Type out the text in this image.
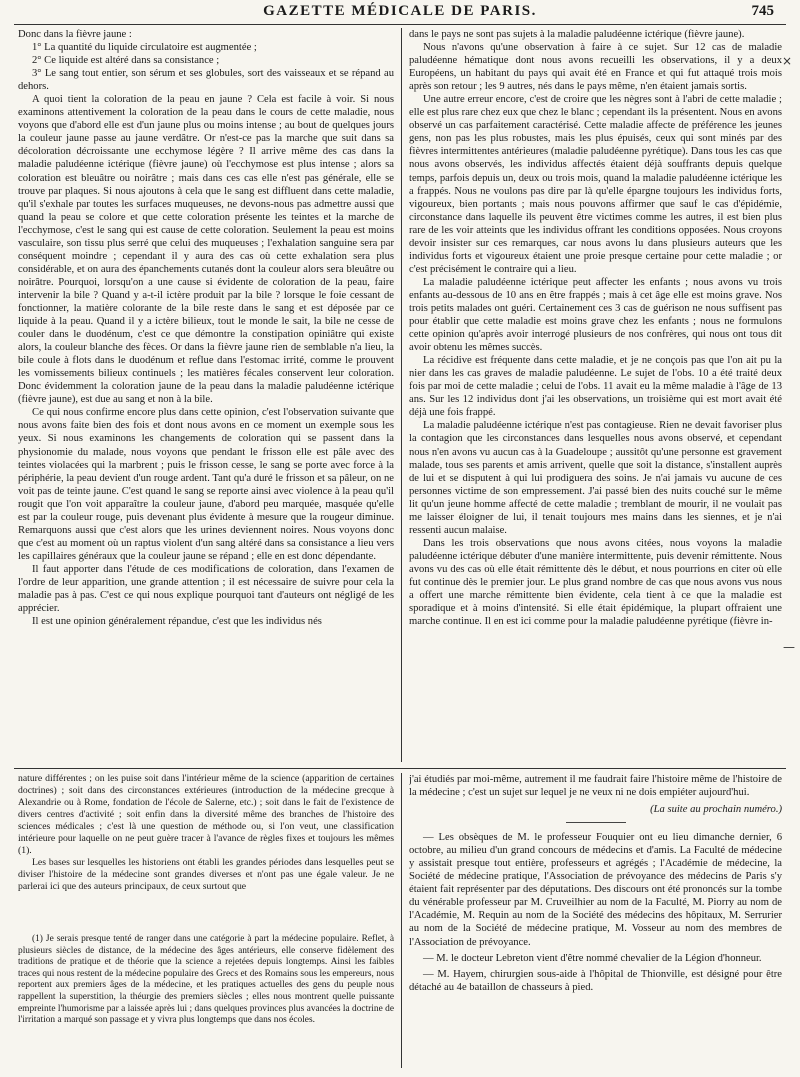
GAZETTE MÉDICALE DE PARIS.	745

Donc dans la fièvre jaune :

1° La quantité du liquide circulatoire est augmentée ;

2° Ce liquide est altéré dans sa consistance ;

3° Le sang tout entier, son sérum et ses globules, sort des vaisseaux et se répand au dehors.

A quoi tient la coloration de la peau en jaune ? Cela est facile à voir. Si nous examinons attentivement la coloration de la peau dans le cours de cette maladie, nous voyons que d'abord elle est d'un jaune plus ou moins intense ; au bout de quelques jours la couleur jaune passe au jaune verdâtre. Or n'est-ce pas la marche que suit dans sa décoloration décroissante une ecchymose légère ? Il arrive même des cas dans la maladie paludéenne ictérique (fièvre jaune) où l'ecchymose est plus intense ; alors sa coloration est bleuâtre ou noirâtre ; mais dans ces cas elle n'est pas générale, elle se trouve par plaques. Si nous ajoutons à cela que le sang est diffluent dans cette maladie, qu'il s'exhale par toutes les surfaces muqueuses, ne devons-nous pas admettre aussi que quand la peau se colore et que cette coloration présente les teintes et la marche de l'ecchymose, c'est le sang qui est cause de cette coloration. Seulement la peau est moins vasculaire, son tissu plus serré que celui des muqueuses ; l'exhalation sanguine sera par conséquent moindre ; cependant il y aura des cas où cette exhalation sera plus considérable, et on aura des épanchements cutanés dont la couleur alors sera bleuâtre ou noirâtre. Pourquoi, lorsqu'on a une cause si évidente de coloration de la peau, faire intervenir la bile ? Quand y a-t-il ictère produit par la bile ? lorsque le foie cessant de fonctionner, la matière colorante de la bile reste dans le sang et est déposée par ce liquide à la peau. Quand il y a ictère bilieux, tout le monde le sait, la bile ne cesse de couler dans le duodénum, c'est ce que démontre la constipation opiniâtre qui existe alors, la couleur blanche des fèces. Or dans la fièvre jaune rien de semblable n'a lieu, la bile coule à flots dans le duodénum et reflue dans l'estomac irrité, comme le prouvent les vomissements bilieux continuels ; les matières fécales conservent leur coloration. Donc évidemment la coloration jaune de la peau dans la maladie paludéenne ictérique (fièvre jaune), est due au sang et non à la bile.

Ce qui nous confirme encore plus dans cette opinion, c'est l'observation suivante que nous avons faite bien des fois et dont nous avons en ce moment un exemple sous les yeux. Si nous examinons les changements de coloration qui se passent dans la physionomie du malade, nous voyons que pendant le frisson elle est pâle avec des teintes violacées qui la marbrent ; puis le frisson cesse, le sang se porte avec force à la périphérie, la peau devient d'un rouge ardent. Tant qu'a duré le frisson et sa pâleur, on ne voit pas de teinte jaune. C'est quand le sang se reporte ainsi avec violence à la peau qu'il rougit que l'on voit apparaître la couleur jaune, d'abord peu marquée, masquée qu'elle est par la couleur rouge, puis devenant plus évidente à mesure que la rougeur diminue. Remarquons aussi que c'est alors que les urines deviennent noires. Nous voyons donc que c'est au moment où un raptus violent d'un sang altéré dans sa consistance a lieu vers les capillaires généraux que la couleur jaune se répand ; elle en est donc dépendante.

Il faut apporter dans l'étude de ces modifications de coloration, dans l'examen de l'ordre de leur apparition, une grande attention ; il est nécessaire de suivre pour cela la maladie pas à pas. C'est ce qui nous explique pourquoi tant d'auteurs ont négligé de les apprécier.

Il est une opinion généralement répandue, c'est que les individus nés

dans le pays ne sont pas sujets à la maladie paludéenne ictérique (fièvre jaune).

Nous n'avons qu'une observation à faire à ce sujet. Sur 12 cas de maladie paludéenne hématique dont nous avons recueilli les observations, il y a deux Européens, un habitant du pays qui avait été en France et qui fut attaqué trois mois après son retour ; les 9 autres, nés dans le pays même, n'en étaient jamais sortis.

Une autre erreur encore, c'est de croire que les nègres sont à l'abri de cette maladie ; elle est plus rare chez eux que chez le blanc ; cependant ils la présentent. Nous en avons observé un cas parfaitement caractérisé. Cette maladie affecte de préférence les jeunes gens, non pas les plus robustes, mais les plus épuisés, ceux qui sont minés par des fièvres intermittentes antérieures (maladie paludéenne pyrétique). Dans tous les cas que nous avons observés, les individus affectés étaient déjà souffrants depuis quelque temps, parfois depuis un, deux ou trois mois, quand la maladie paludéenne ictérique les a frappés. Nous ne voulons pas dire par là qu'elle épargne toujours les individus forts, vigoureux, bien portants ; mais nous pouvons affirmer que sauf le cas d'épidémie, circonstance dans laquelle ils peuvent être victimes comme les autres, il est bien plus rare de les voir atteints que les individus offrant les conditions opposées. Nous croyons devoir insister sur ces remarques, car nous avons lu dans plusieurs auteurs que les individus forts et vigoureux étaient une proie presque certaine pour cette maladie ; or c'est précisément le contraire qui a lieu.

La maladie paludéenne ictérique peut affecter les enfants ; nous avons vu trois enfants au-dessous de 10 ans en être frappés ; mais à cet âge elle est moins grave. Nos trois petits malades ont guéri. Certainement ces 3 cas de guérison ne nous suffisent pas pour établir que cette maladie est moins grave chez les enfants ; nous ne formulons cette opinion qu'après avoir interrogé plusieurs de nos confrères, qui nous ont tous dit avoir obtenu les mêmes succès.

La récidive est fréquente dans cette maladie, et je ne conçois pas que l'on ait pu la nier dans les cas graves de maladie paludéenne. Le sujet de l'obs. 10 a été traité deux fois par moi de cette maladie ; celui de l'obs. 11 avait eu la même maladie à l'âge de 13 ans. Sur les 12 individus dont j'ai les observations, un troisième qui est mort avait été déjà une fois frappé.

La maladie paludéenne ictérique n'est pas contagieuse. Rien ne devait favoriser plus la contagion que les circonstances dans lesquelles nous avons observé, et cependant nous n'en avons vu aucun cas à la Guadeloupe ; aussitôt qu'une personne est gravement malade, tous ses parents et amis arrivent, quelle que soit la distance, s'installent auprès de lui et se disputent à qui lui prodiguera des soins. Je n'ai jamais vu aucune de ces personnes victime de son empressement. J'ai passé bien des nuits couché sur le même lit qu'un jeune homme affecté de cette maladie ; tremblant de mourir, il ne voulait pas me laisser éloigner de lui, il tenait toujours mes mains dans les siennes, et je n'ai ressenti aucun malaise.

Dans les trois observations que nous avons citées, nous voyons la maladie paludéenne ictérique débuter d'une manière intermittente, puis devenir rémittente. Nous avons vu des cas où elle était rémittente dès le début, et nous pourrions en citer où elle fut continue dès le premier jour. Le plus grand nombre de cas que nous avons vus nous a offert une marche rémittente bien évidente, cela tient à ce que la maladie est sporadique et à moins d'intensité. Si elle était épidémique, la plupart offraient une marche continue. Il en est ici comme pour la maladie paludéenne pyrétique (fièvre in-

×
—

nature différentes ; on les puise soit dans l'intérieur même de la science (apparition de certaines doctrines) ; soit dans des circonstances extérieures (introduction de la médecine grecque à Alexandrie ou à Rome, fondation de l'école de Salerne, etc.) ; soit dans le fait de l'existence de divers centres d'activité ; soit enfin dans la diversité même des branches de l'histoire des sciences médicales ; c'est là une question de méthode ou, si l'on veut, une classification intérieure pour laquelle on ne peut guère tracer à l'avance de règles fixes et toujours les mêmes (1).

Les bases sur lesquelles les historiens ont établi les grandes périodes dans lesquelles peut se diviser l'histoire de la médecine sont grandes diverses et n'ont pas une égale valeur. Je ne parlerai ici que des auteurs principaux, de ceux surtout que

(1) Je serais presque tenté de ranger dans une catégorie à part la médecine populaire. Reflet, à plusieurs siècles de distance, de la médecine des âges antérieurs, elle conserve fidèlement des traditions de pratique et de théorie que la science a rejetées depuis longtemps. Ainsi les faibles traces qui nous restent de la médecine populaire des Grecs et des Romains sous les empereurs, nous reportent aux premiers âges de la médecine, et les pratiques actuelles des gens du peuple nous rappellent la superstition, la théurgie des premiers siècles ; elles nous montrent quelle puissante empreinte l'humorisme par a laissée après lui ; dans quelques provinces plus avancées la doctrine de l'irritation a marqué son passage et y vivra plus longtemps que dans nos écoles.

j'ai étudiés par moi-même, autrement il me faudrait faire l'histoire même de l'histoire de la médecine ; c'est un sujet sur lequel je ne veux ni ne dois empiéter aujourd'hui.

(La suite au prochain numéro.)

— Les obsèques de M. le professeur Fouquier ont eu lieu dimanche dernier, 6 octobre, au milieu d'un grand concours de médecins et d'amis. La Faculté de médecine y assistait presque tout entière, professeurs et agrégés ; l'Académie de médecine, la Société de médecine pratique, l'Association de prévoyance des médecins de Paris s'y étaient fait représenter par des députations. Des discours ont été prononcés sur la tombe du vénérable professeur par M. Cruveilhier au nom de la Faculté, M. Piorry au nom de l'Académie, M. Requin au nom de la Société des médecins des hôpitaux, M. Serrurier au nom de la Société de médecine pratique, M. Vosseur au nom des membres de l'Association de prévoyance.

— M. le docteur Lebreton vient d'être nommé chevalier de la Légion d'honneur.

— M. Hayem, chirurgien sous-aide à l'hôpital de Thionville, est désigné pour être détaché au 4e bataillon de chasseurs à pied.
